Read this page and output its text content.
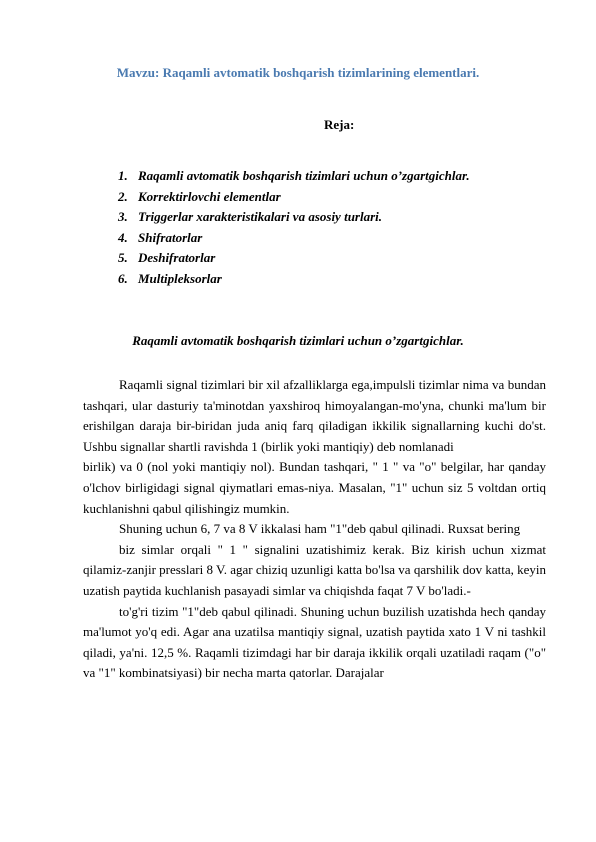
Mavzu: Raqamli avtomatik boshqarish tizimlarining elementlari.
Reja:
1. Raqamli avtomatik boshqarish tizimlari uchun o’zgartgichlar.
2. Korrektirlovchi elementlar
3. Triggerlar xarakteristikalari va asosiy turlari.
4. Shifratorlar
5. Deshifratorlar
6. Multipleksorlar
Raqamli avtomatik boshqarish tizimlari uchun o’zgartgichlar.

Raqamli signal tizimlari bir xil afzalliklarga ega,impulsli tizimlar nima va bundan tashqari, ular dasturiy ta'minotdan yaxshiroq himoyalangan-mo'yna, chunki ma'lum bir erishilgan daraja bir-biridan juda aniq farq qiladigan ikkilik signallarning kuchi do'st. Ushbu signallar shartli ravishda 1 (birlik yoki mantiqiy) deb nomlanadi

birlik) va 0 (nol yoki mantiqiy nol). Bundan tashqari, " 1 " va "o" belgilar, har qanday o'lchov birligidagi signal qiymatlari emas-niya. Masalan, "1" uchun siz 5 voltdan ortiq kuchlanishni qabul qilishingiz mumkin.

Shuning uchun 6, 7 va 8 V ikkalasi ham "1"deb qabul qilinadi. Ruxsat bering

biz simlar orqali " 1 " signalini uzatishimiz kerak. Biz kirish uchun xizmat qilamiz-zanjir presslari 8 V. agar chiziq uzunligi katta bo'lsa va qarshilik dov katta, keyin uzatish paytida kuchlanish pasayadi simlar va chiqishda faqat 7 V bo'ladi.-

to'g'ri tizim "1"deb qabul qilinadi. Shuning uchun buzilish uzatishda hech qanday ma'lumot yo'q edi. Agar ana uzatilsa mantiqiy signal, uzatish paytida xato 1 V ni tashkil qiladi, ya'ni. 12,5 %. Raqamli tizimdagi har bir daraja ikkilik orqali uzatiladi raqam ("o" va "1" kombinatsiyasi) bir necha marta qatorlar. Darajalar
